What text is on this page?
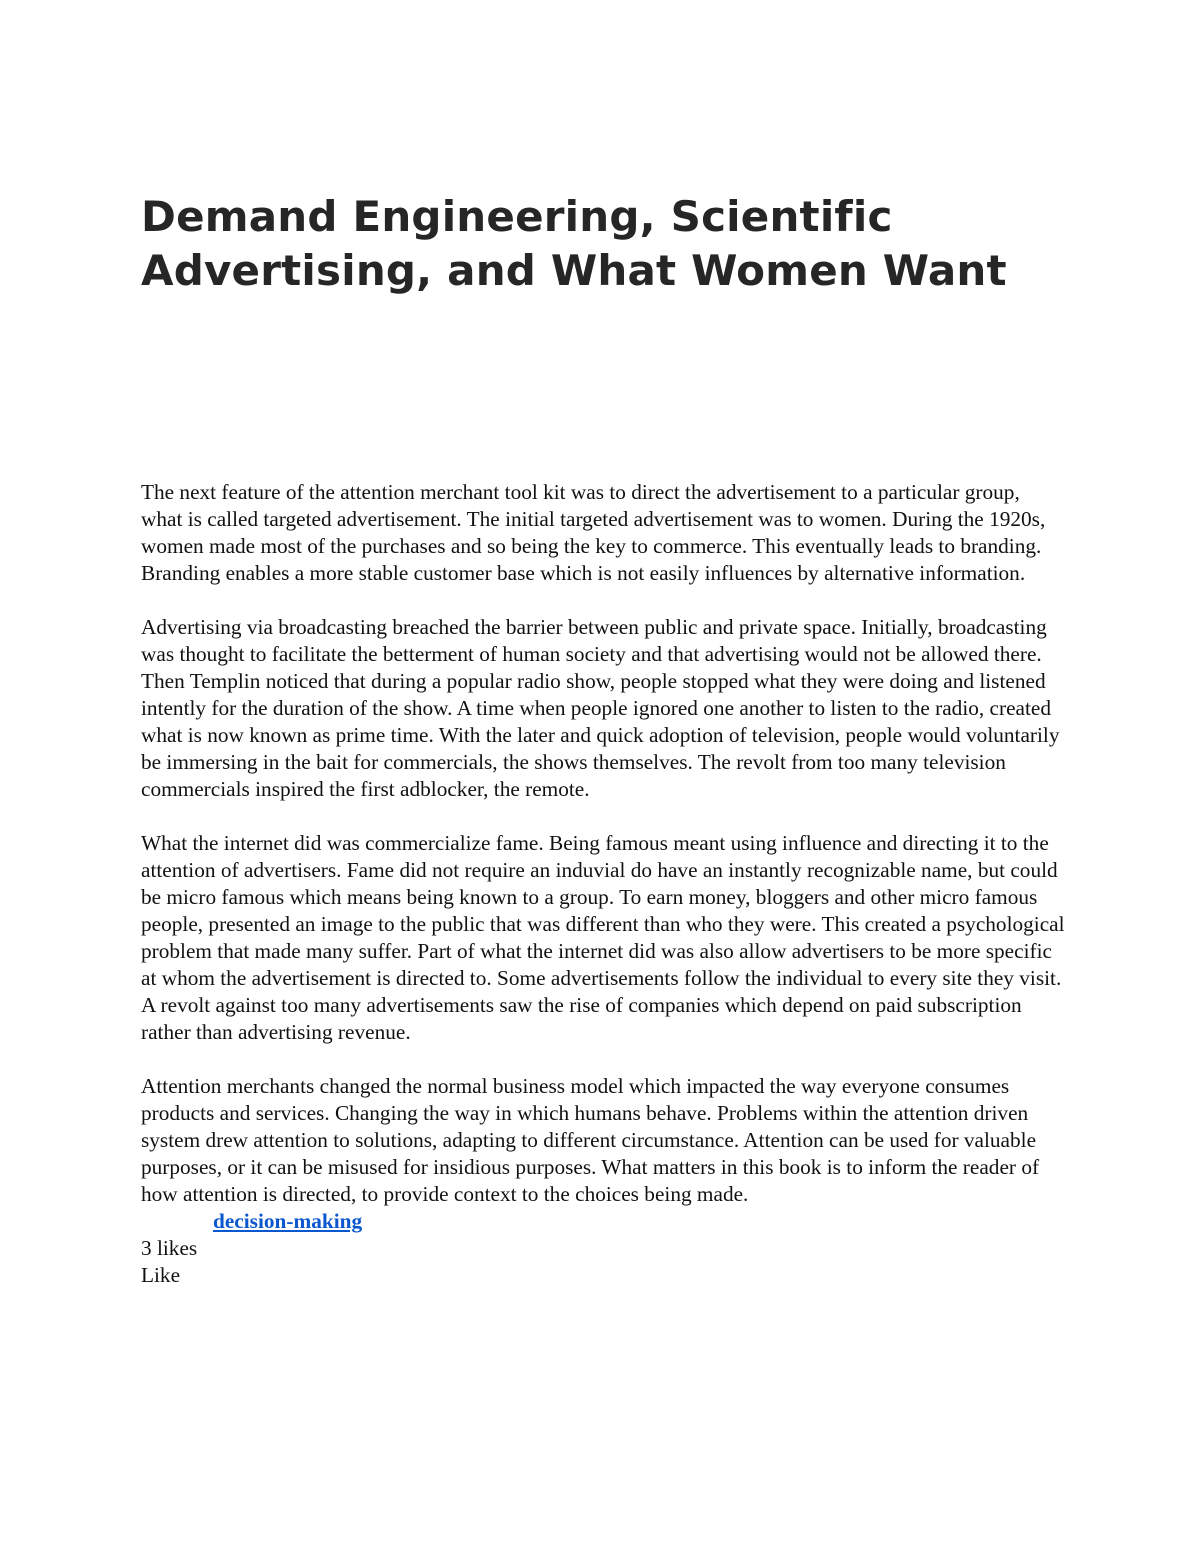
Demand Engineering, Scientific Advertising, and What Women Want

The next feature of the attention merchant tool kit was to direct the advertisement to a particular group, what is called targeted advertisement. The initial targeted advertisement was to women. During the 1920s, women made most of the purchases and so being the key to commerce. This eventually leads to branding. Branding enables a more stable customer base which is not easily influences by alternative information.

Advertising via broadcasting breached the barrier between public and private space. Initially, broadcasting was thought to facilitate the betterment of human society and that advertising would not be allowed there. Then Templin noticed that during a popular radio show, people stopped what they were doing and listened intently for the duration of the show. A time when people ignored one another to listen to the radio, created what is now known as prime time. With the later and quick adoption of television, people would voluntarily be immersing in the bait for commercials, the shows themselves. The revolt from too many television commercials inspired the first adblocker, the remote.

What the internet did was commercialize fame. Being famous meant using influence and directing it to the attention of advertisers. Fame did not require an induvial do have an instantly recognizable name, but could be micro famous which means being known to a group. To earn money, bloggers and other micro famous people, presented an image to the public that was different than who they were. This created a psychological problem that made many suffer. Part of what the internet did was also allow advertisers to be more specific at whom the advertisement is directed to. Some advertisements follow the individual to every site they visit. A revolt against too many advertisements saw the rise of companies which depend on paid subscription rather than advertising revenue.

Attention merchants changed the normal business model which impacted the way everyone consumes products and services. Changing the way in which humans behave. Problems within the attention driven system drew attention to solutions, adapting to different circumstance. Attention can be used for valuable purposes, or it can be misused for insidious purposes. What matters in this book is to inform the reader of how attention is directed, to provide context to the choices being made.

decision-making
3 likes
Like
